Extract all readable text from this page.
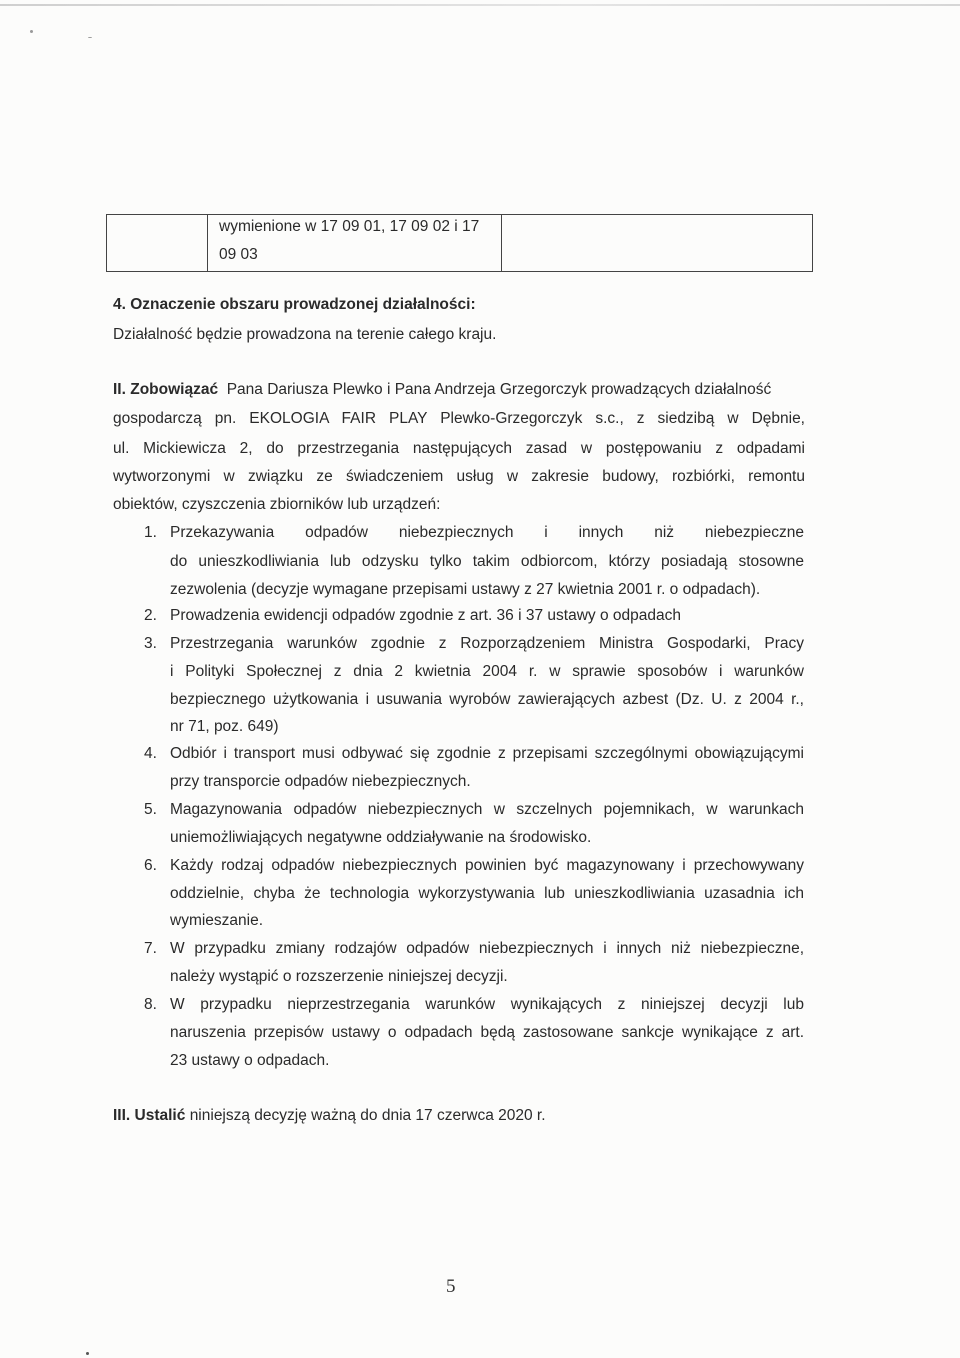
wymienione w 17 09 01, 17 09 02 i 17
09 03
4. Oznaczenie obszaru prowadzonej działalności:
Działalność będzie prowadzona na terenie całego kraju.
II. Zobowiązać Pana Dariusza Plewko i Pana Andrzeja Grzegorczyk prowadzących działalność
gospodarczą pn. EKOLOGIA FAIR PLAY Plewko-Grzegorczyk s.c., z siedzibą w Dębnie,
ul. Mickiewicza 2, do przestrzegania następujących zasad w postępowaniu z odpadami
wytworzonymi w związku ze świadczeniem usług w zakresie budowy, rozbiórki, remontu
obiektów, czyszczenia zbiorników lub urządzeń:
1. Przekazywania odpadów niebezpiecznych i innych niż niebezpieczne
do unieszkodliwiania lub odzysku tylko takim odbiorcom, którzy posiadają stosowne
zezwolenia (decyzje wymagane przepisami ustawy z 27 kwietnia 2001 r. o odpadach).
2. Prowadzenia ewidencji odpadów zgodnie z art. 36 i 37 ustawy o odpadach
3. Przestrzegania warunków zgodnie z Rozporządzeniem Ministra Gospodarki, Pracy
i Polityki Społecznej z dnia 2 kwietnia 2004 r. w sprawie sposobów i warunków
bezpiecznego użytkowania i usuwania wyrobów zawierających azbest (Dz. U. z 2004 r.,
nr 71, poz. 649)
4. Odbiór i transport musi odbywać się zgodnie z przepisami szczególnymi obowiązującymi
przy transporcie odpadów niebezpiecznych.
5. Magazynowania odpadów niebezpiecznych w szczelnych pojemnikach, w warunkach
uniemożliwiających negatywne oddziaływanie na środowisko.
6. Każdy rodzaj odpadów niebezpiecznych powinien być magazynowany i przechowywany
oddzielnie, chyba że technologia wykorzystywania lub unieszkodliwiania uzasadnia ich
wymieszanie.
7. W przypadku zmiany rodzajów odpadów niebezpiecznych i innych niż niebezpieczne,
należy wystąpić o rozszerzenie niniejszej decyzji.
8. W przypadku nieprzestrzegania warunków wynikających z niniejszej decyzji lub
naruszenia przepisów ustawy o odpadach będą zastosowane sankcje wynikające z art.
23 ustawy o odpadach.
III. Ustalić niniejszą decyzję ważną do dnia 17 czerwca 2020 r.
5
